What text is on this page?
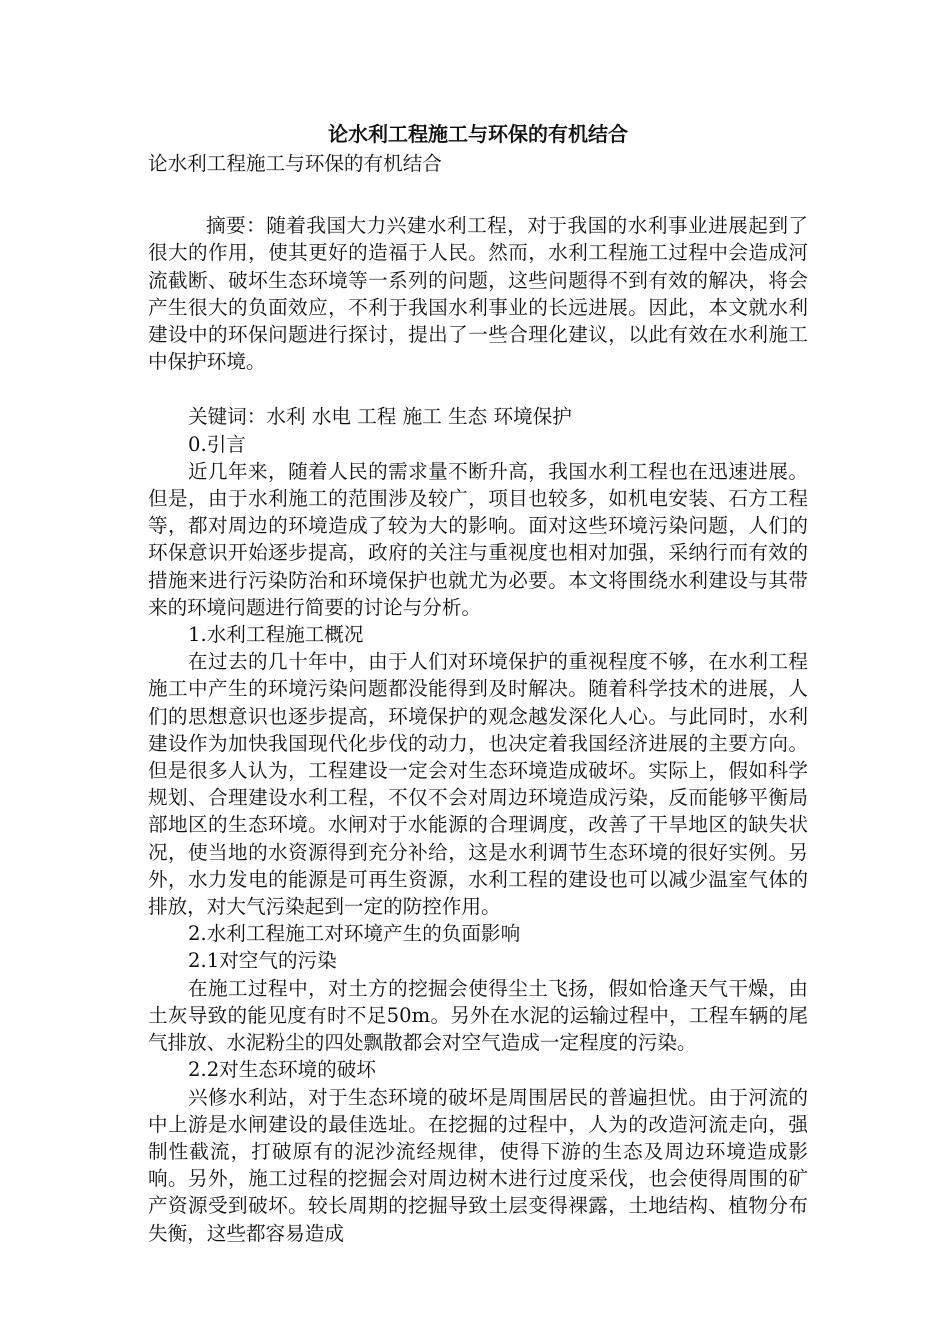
论水利工程施工与环保的有机结合

论水利工程施工与环保的有机结合

摘要：随着我国大力兴建水利工程，对于我国的水利事业进展起到了很大的作用，使其更好的造福于人民。然而，水利工程施工过程中会造成河流截断、破坏生态环境等一系列的问题，这些问题得不到有效的解决，将会产生很大的负面效应，不利于我国水利事业的长远进展。因此，本文就水利建设中的环保问题进行探讨，提出了一些合理化建议，以此有效在水利施工中保护环境。

关键词：水利 水电 工程 施工 生态 环境保护

0.引言

近几年来，随着人民的需求量不断升高，我国水利工程也在迅速进展。但是，由于水利施工的范围涉及较广，项目也较多，如机电安装、石方工程等，都对周边的环境造成了较为大的影响。面对这些环境污染问题，人们的环保意识开始逐步提高，政府的关注与重视度也相对加强，采纳行而有效的措施来进行污染防治和环境保护也就尤为必要。本文将围绕水利建设与其带来的环境问题进行简要的讨论与分析。

1.水利工程施工概况

在过去的几十年中，由于人们对环境保护的重视程度不够，在水利工程施工中产生的环境污染问题都没能得到及时解决。随着科学技术的进展，人们的思想意识也逐步提高，环境保护的观念越发深化人心。与此同时，水利建设作为加快我国现代化步伐的动力，也决定着我国经济进展的主要方向。但是很多人认为，工程建设一定会对生态环境造成破坏。实际上，假如科学规划、合理建设水利工程，不仅不会对周边环境造成污染，反而能够平衡局部地区的生态环境。水闸对于水能源的合理调度，改善了干旱地区的缺失状况，使当地的水资源得到充分补给，这是水利调节生态环境的很好实例。另外，水力发电的能源是可再生资源，水利工程的建设也可以减少温室气体的排放，对大气污染起到一定的防控作用。

2.水利工程施工对环境产生的负面影响

2.1对空气的污染

在施工过程中，对土方的挖掘会使得尘土飞扬，假如恰逢天气干燥，由土灰导致的能见度有时不足50m。另外在水泥的运输过程中，工程车辆的尾气排放、水泥粉尘的四处飘散都会对空气造成一定程度的污染。

2.2对生态环境的破坏

兴修水利站，对于生态环境的破坏是周围居民的普遍担忧。由于河流的中上游是水闸建设的最佳选址。在挖掘的过程中，人为的改造河流走向，强制性截流，打破原有的泥沙流经规律，使得下游的生态及周边环境造成影响。另外，施工过程的挖掘会对周边树木进行过度采伐，也会使得周围的矿产资源受到破坏。较长周期的挖掘导致土层变得裸露，土地结构、植物分布失衡，这些都容易造成
